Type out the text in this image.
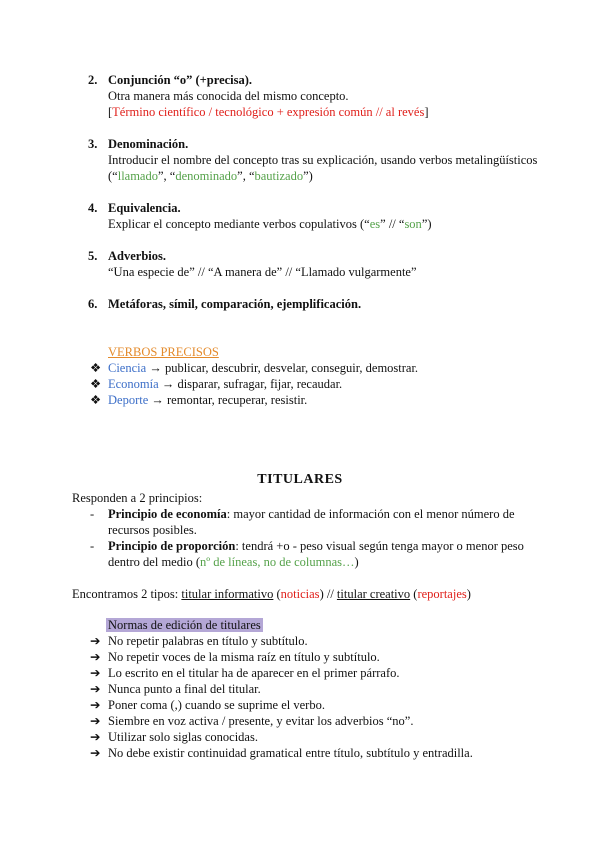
2. Conjunción “o” (+precisa).
Otra manera más conocida del mismo concepto.
[Término científico / tecnológico + expresión común // al revés]
3. Denominación.
Introducir el nombre del concepto tras su explicación, usando verbos metalingüísticos
(“llamado”, “denominado”, “bautizado”)
4. Equivalencia.
Explicar el concepto mediante verbos copulativos (“es” // “son”)
5. Adverbios.
“Una especie de” // “A manera de” // “Llamado vulgarmente”
6. Metáforas, símil, comparación, ejemplificación.
VERBOS PRECISOS
❖ Ciencia → publicar, descubrir, desvelar, conseguir, demostrar.
❖ Economía → disparar, sufragar, fijar, recaudar.
❖ Deporte → remontar, recuperar, resistir.
TITULARES
Responden a 2 principios:
- Principio de economía: mayor cantidad de información con el menor número de
recursos posibles.
- Principio de proporción: tendrá +o - peso visual según tenga mayor o menor peso
dentro del medio (nº de líneas, no de columnas…)
Encontramos 2 tipos: titular informativo (noticias) // titular creativo (reportajes)
Normas de edición de titulares
➔ No repetir palabras en título y subtítulo.
➔ No repetir voces de la misma raíz en título y subtítulo.
➔ Lo escrito en el titular ha de aparecer en el primer párrafo.
➔ Nunca punto a final del titular.
➔ Poner coma (,) cuando se suprime el verbo.
➔ Siembre en voz activa / presente, y evitar los adverbios “no”.
➔ Utilizar solo siglas conocidas.
➔ No debe existir continuidad gramatical entre título, subtítulo y entradilla.
